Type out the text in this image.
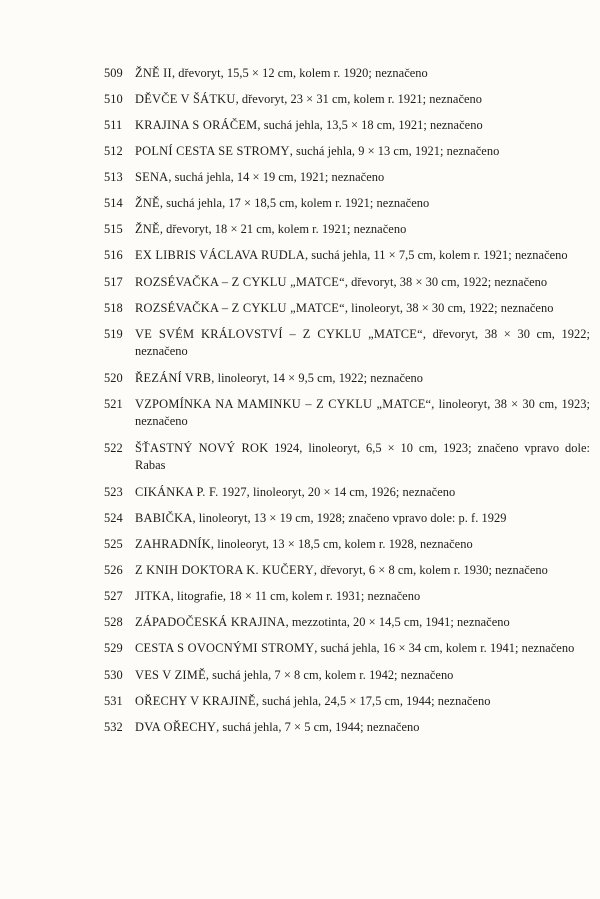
509 ŽNĚ II, dřevoryt, 15,5 × 12 cm, kolem r. 1920; neznačeno
510 DĚVČE V ŠÁTKU, dřevoryt, 23 × 31 cm, kolem r. 1921; neznačeno
511	KRAJINA S ORÁČEM, suchá jehla, 13,5 × 18 cm, 1921; neznačeno
512 POLNÍ CESTA SE STROMY, suchá jehla, 9 × 13 cm, 1921; neznačeno
513 SENA, suchá jehla, 14 × 19 cm, 1921; neznačeno
514 ŽNĚ, suchá jehla, 17 × 18,5 cm, kolem r. 1921; neznačeno
515 ŽNĚ, dřevoryt, 18 × 21 cm, kolem r. 1921; neznačeno
516 EX LIBRIS VÁCLAVA RUDLA, suchá jehla, 11 × 7,5 cm, kolem r. 1921; neznačeno
517 ROZSÉVAČKA – Z CYKLU „MATCE“, dřevoryt, 38 × 30 cm, 1922; neznačeno
518 ROZSÉVAČKA – Z CYKLU „MATCE“, linoleoryt, 38 × 30 cm, 1922; neznačeno
519 VE SVÉM KRÁLOVSTVÍ – Z CYKLU „MATCE“, dřevoryt, 38 × 30 cm, 1922; neznačeno
520 ŘEZÁNÍ VRB, linoleoryt, 14 × 9,5 cm, 1922; neznačeno
521 VZPOMÍNKA NA MAMINKU – Z CYKLU „MATCE“, linoleoryt, 38 × 30 cm, 1923; neznačeno
522 ŠŤASTNÝ NOVÝ ROK 1924, linoleoryt, 6,5 × 10 cm, 1923; značeno vpravo dole: Rabas
523 CIKÁNKA P. F. 1927, linoleoryt, 20 × 14 cm, 1926; neznačeno
524 BABIČKA, linoleoryt, 13 × 19 cm, 1928; značeno vpravo dole: p. f. 1929
525 ZAHRADNÍK, linoleoryt, 13 × 18,5 cm, kolem r. 1928, neznačeno
526 Z KNIH DOKTORA K. KUČERY, dřevoryt, 6 × 8 cm, kolem r. 1930; neznačeno
527 JITKA, litografie, 18 × 11 cm, kolem r. 1931; neznačeno
528 ZÁPADOČESKÁ KRAJINA, mezzotinta, 20 × 14,5 cm, 1941; neznačeno
529 CESTA S OVOCNÝMI STROMY, suchá jehla, 16 × 34 cm, kolem r. 1941; neznačeno
530 VES V ZIMĚ, suchá jehla, 7 × 8 cm, kolem r. 1942; neznačeno
531 OŘECHY V KRAJINĚ, suchá jehla, 24,5 × 17,5 cm, 1944; neznačeno
532 DVA OŘECHY, suchá jehla, 7 × 5 cm, 1944; neznačeno
